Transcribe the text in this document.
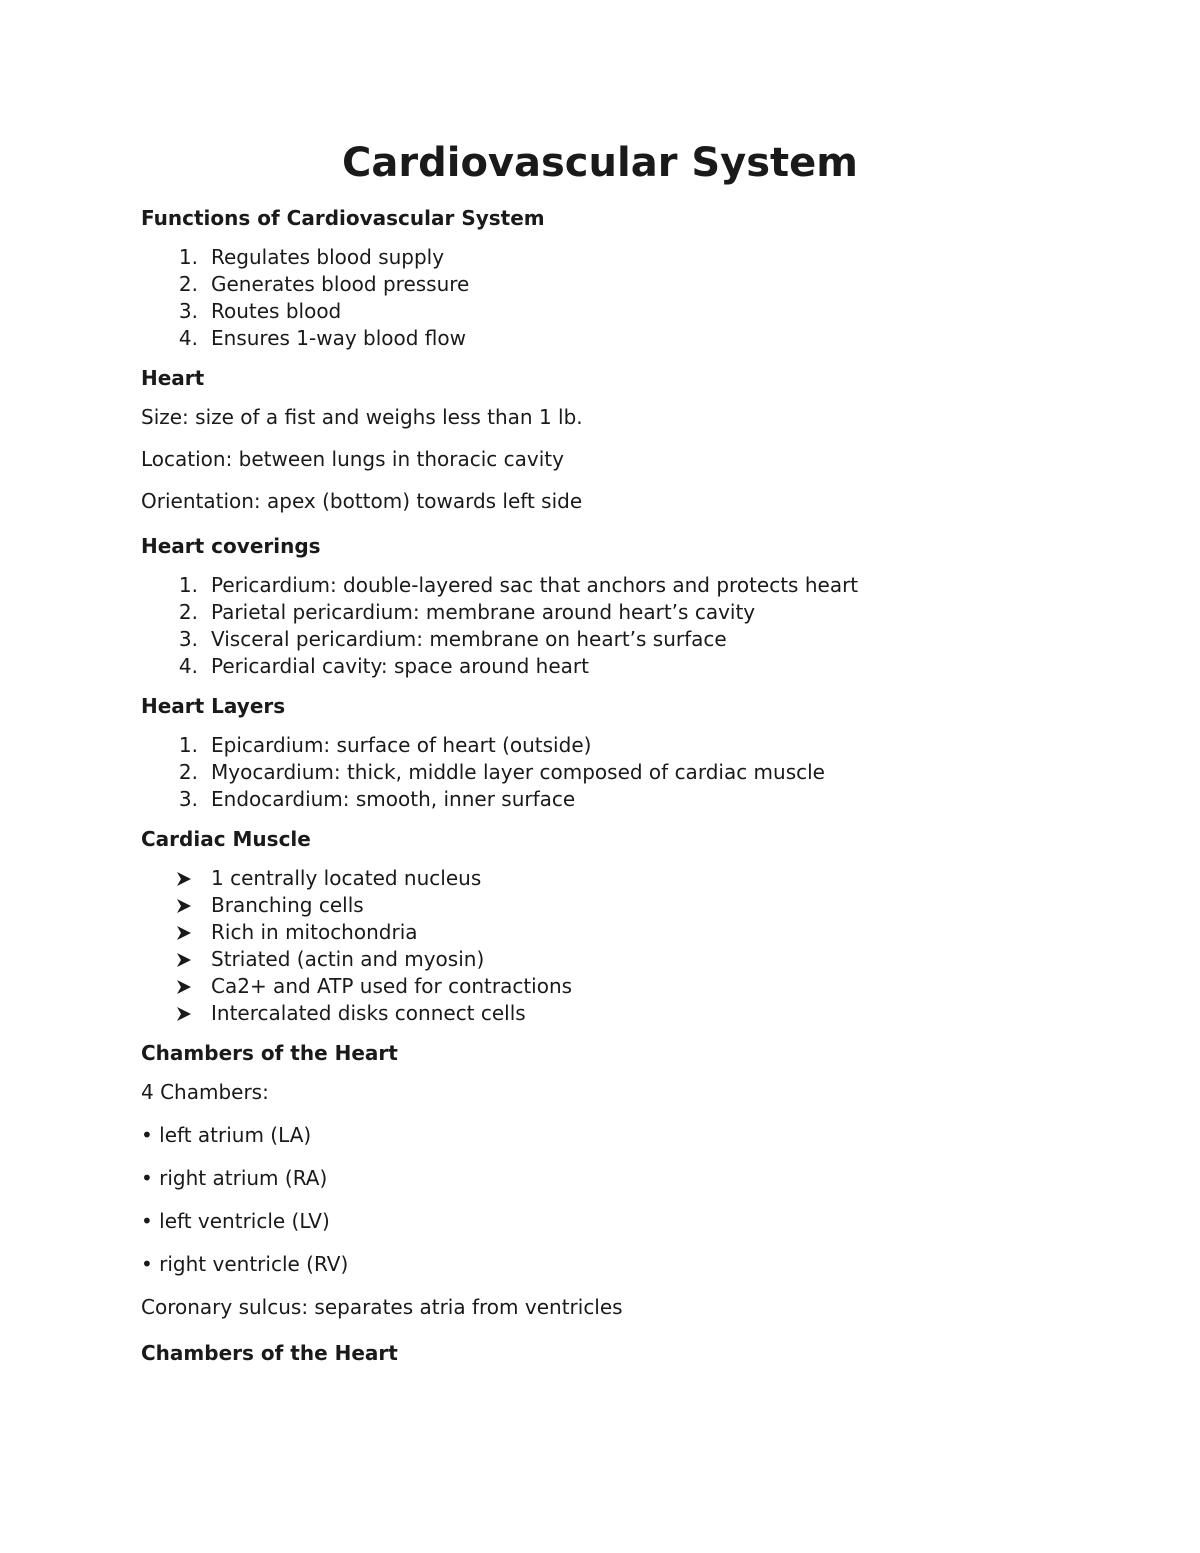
Cardiovascular System
Functions of Cardiovascular System
1. Regulates blood supply
2. Generates blood pressure
3. Routes blood
4. Ensures 1-way blood flow
Heart

Size: size of a fist and weighs less than 1 lb.

Location: between lungs in thoracic cavity

Orientation: apex (bottom) towards left side

Heart coverings
1. Pericardium: double-layered sac that anchors and protects heart
2. Parietal pericardium: membrane around heart’s cavity
3. Visceral pericardium: membrane on heart’s surface
4. Pericardial cavity: space around heart
Heart Layers
1. Epicardium: surface of heart (outside)
2. Myocardium: thick, middle layer composed of cardiac muscle
3. Endocardium: smooth, inner surface
Cardiac Muscle
1 centrally located nucleus
Branching cells
Rich in mitochondria
Striated (actin and myosin)
Ca2+ and ATP used for contractions
Intercalated disks connect cells
Chambers of the Heart

4 Chambers:

• left atrium (LA)

• right atrium (RA)

• left ventricle (LV)

• right ventricle (RV)

Coronary sulcus: separates atria from ventricles

Chambers of the Heart
